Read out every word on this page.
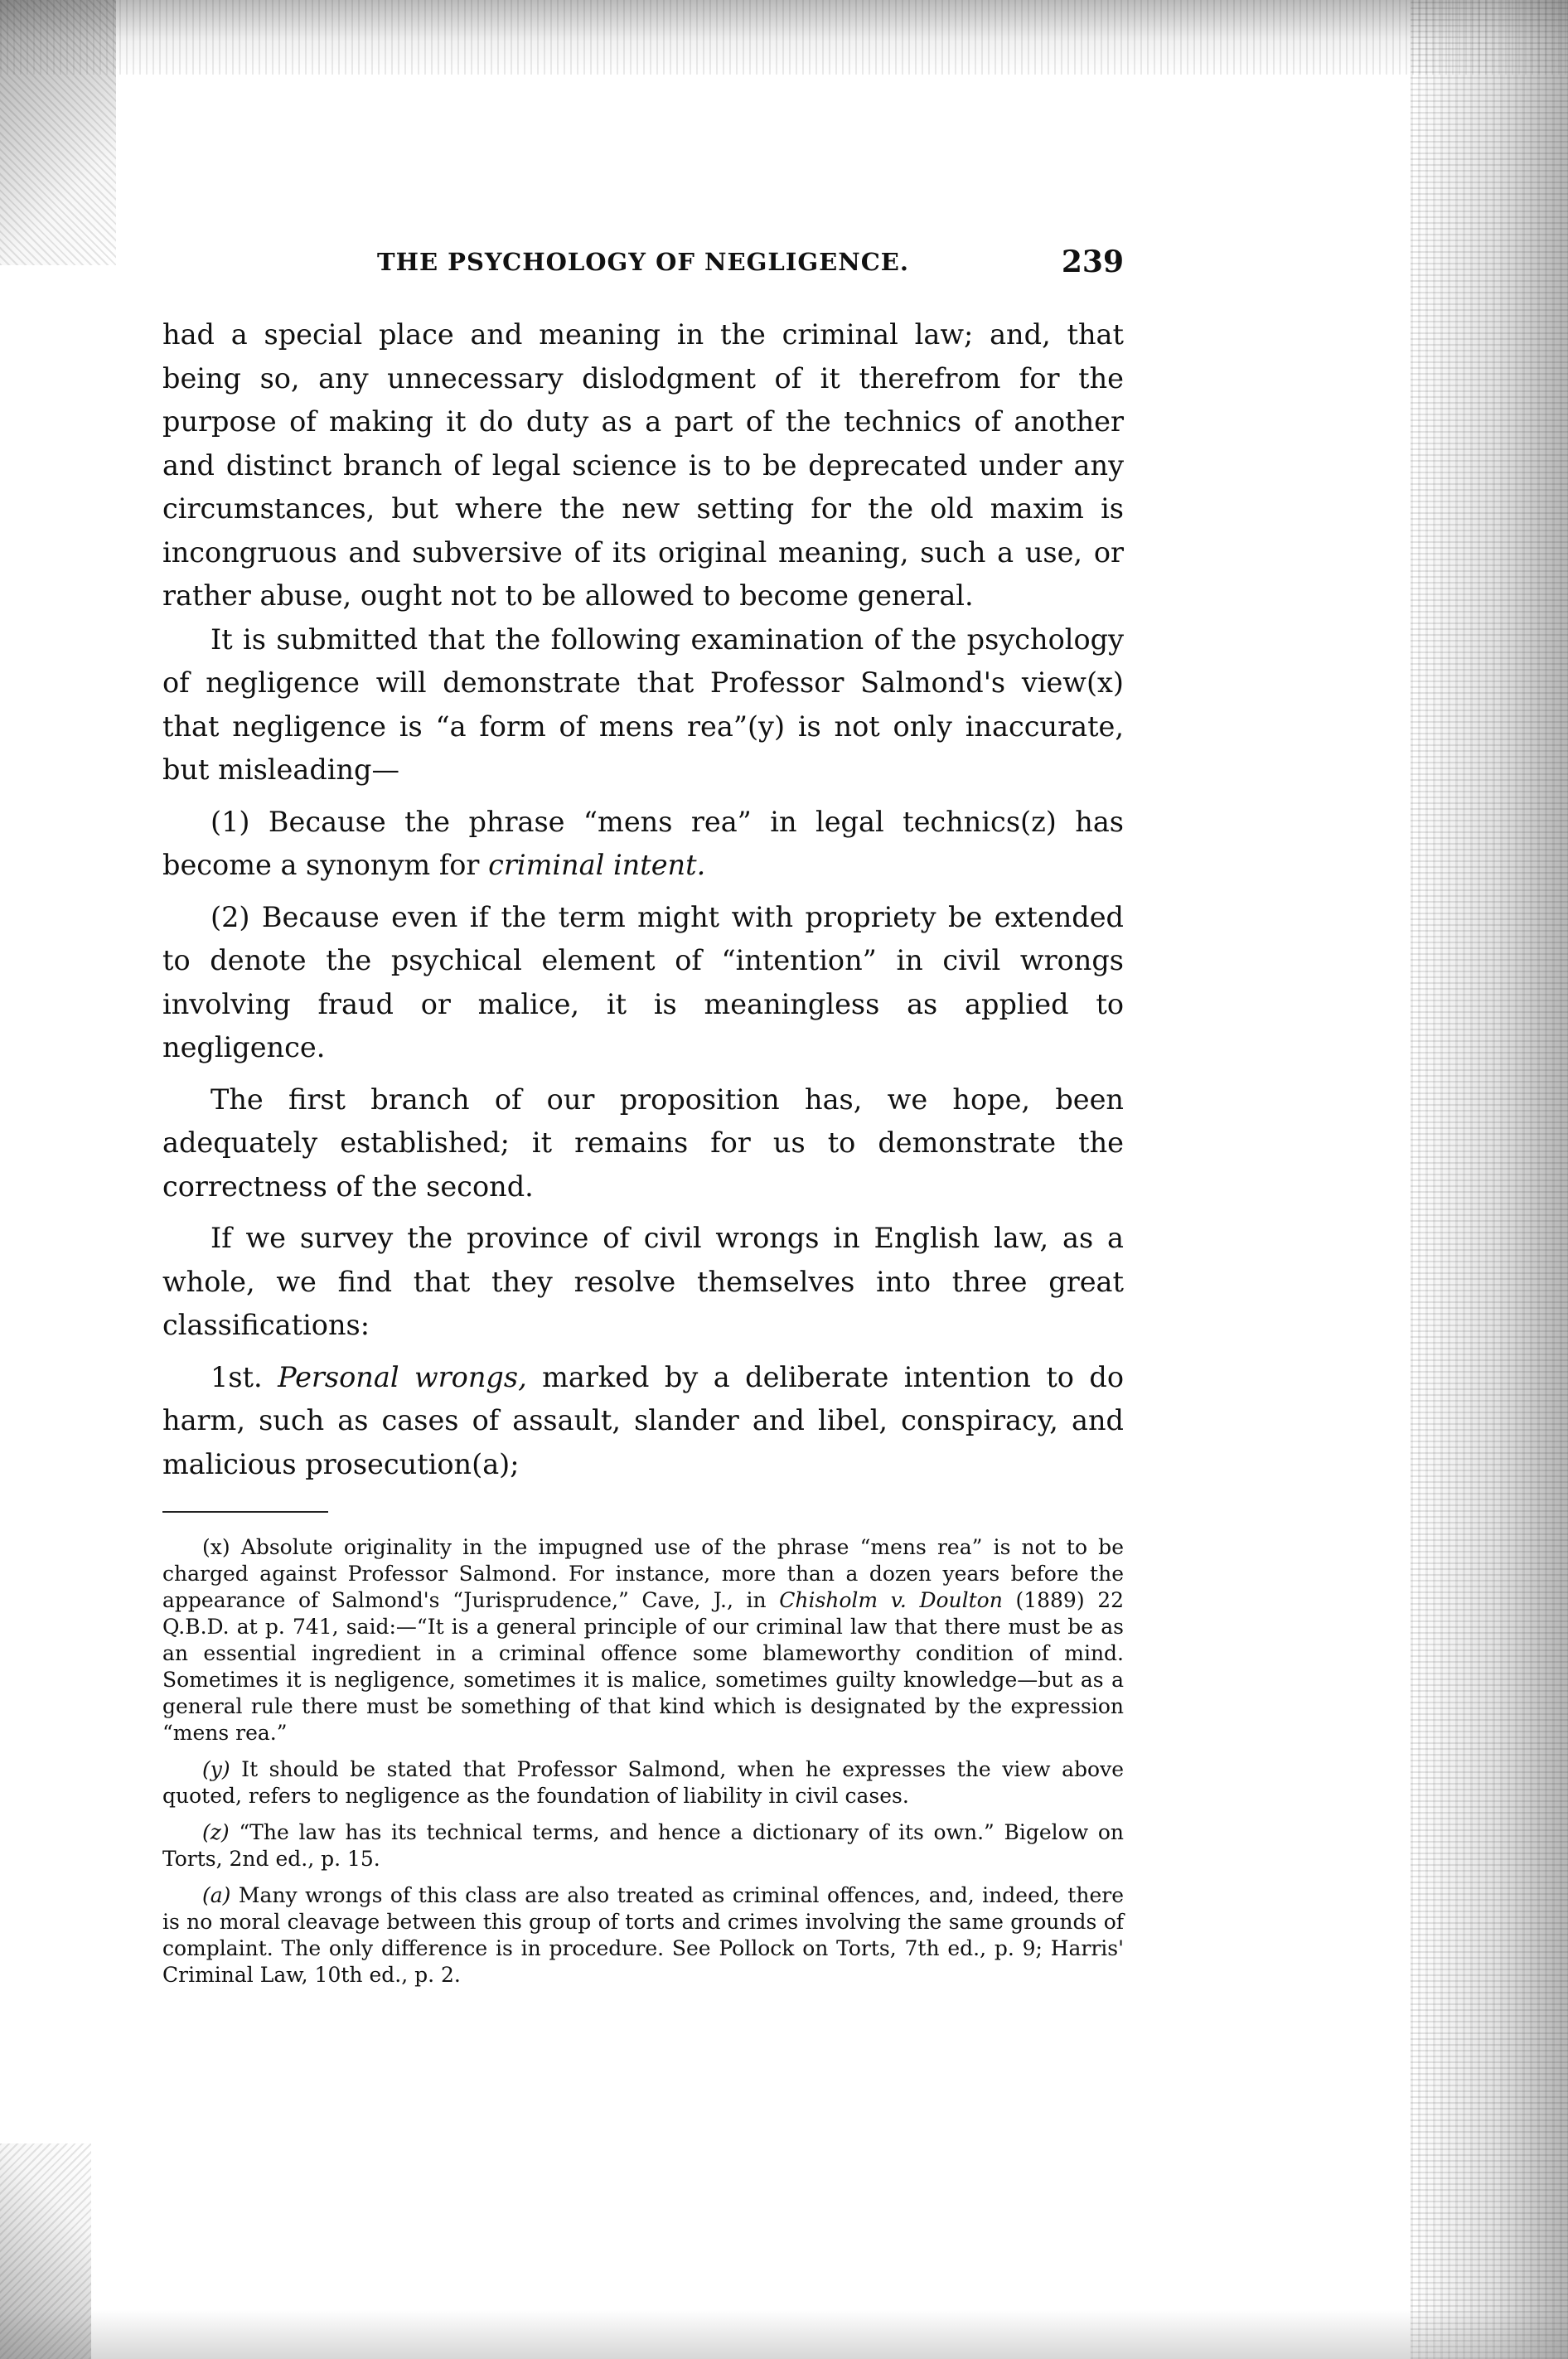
THE PSYCHOLOGY OF NEGLIGENCE.	239

had a special place and meaning in the criminal law; and, that being so, any unnecessary dislodgment of it therefrom for the purpose of making it do duty as a part of the technics of another and distinct branch of legal science is to be deprecated under any circumstances, but where the new setting for the old maxim is incongruous and subversive of its original meaning, such a use, or rather abuse, ought not to be allowed to become general.

It is submitted that the following examination of the psychology of negligence will demonstrate that Professor Salmond's view(x) that negligence is “a form of mens rea”(y) is not only inaccurate, but misleading—

(1) Because the phrase “mens rea” in legal technics(z) has become a synonym for criminal intent.

(2) Because even if the term might with propriety be extended to denote the psychical element of “intention” in civil wrongs involving fraud or malice, it is meaningless as applied to negligence.

The first branch of our proposition has, we hope, been adequately established; it remains for us to demonstrate the correctness of the second.

If we survey the province of civil wrongs in English law, as a whole, we find that they resolve themselves into three great classifications:

1st. Personal wrongs, marked by a deliberate intention to do harm, such as cases of assault, slander and libel, conspiracy, and malicious prosecution(a);

(x) Absolute originality in the impugned use of the phrase “mens rea” is not to be charged against Professor Salmond. For instance, more than a dozen years before the appearance of Salmond's “Jurisprudence,” Cave, J., in Chisholm v. Doulton (1889) 22 Q.B.D. at p. 741, said:—“It is a general principle of our criminal law that there must be as an essential ingredient in a criminal offence some blameworthy condition of mind. Sometimes it is negligence, sometimes it is malice, sometimes guilty knowledge—but as a general rule there must be something of that kind which is designated by the expression “mens rea.”

(y) It should be stated that Professor Salmond, when he expresses the view above quoted, refers to negligence as the foundation of liability in civil cases.

(z) “The law has its technical terms, and hence a dictionary of its own.” Bigelow on Torts, 2nd ed., p. 15.

(a) Many wrongs of this class are also treated as criminal offences, and, indeed, there is no moral cleavage between this group of torts and crimes involving the same grounds of complaint. The only difference is in procedure. See Pollock on Torts, 7th ed., p. 9; Harris' Criminal Law, 10th ed., p. 2.
